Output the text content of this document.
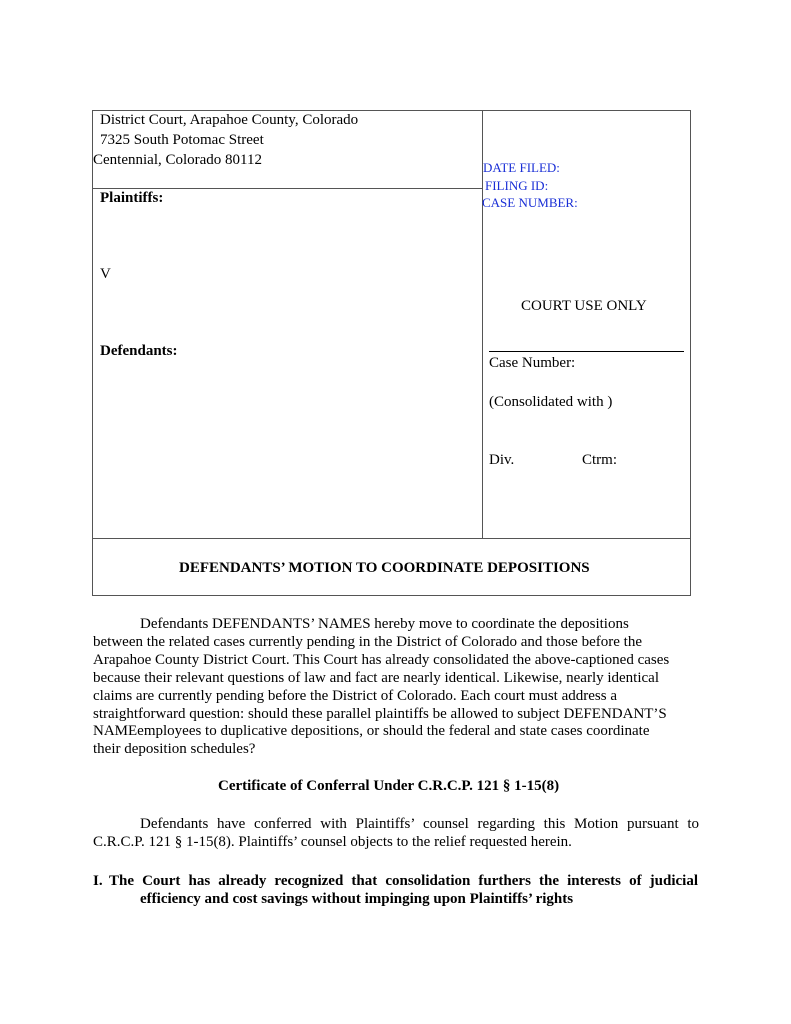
District Court, Arapahoe County, Colorado
7325 South Potomac Street
Centennial, Colorado 80112
Plaintiffs:
V
Defendants:
DATE FILED:
FILING ID:
CASE NUMBER:
COURT USE ONLY
Case Number:
(Consolidated with )
Div.	Ctrm:
DEFENDANTS’ MOTION TO COORDINATE DEPOSITIONS
Defendants DEFENDANTS’ NAMES hereby move to coordinate the depositions
between the related cases currently pending in the District of Colorado and those before the
Arapahoe County District Court. This Court has already consolidated the above-captioned cases
because their relevant questions of law and fact are nearly identical. Likewise, nearly identical
claims are currently pending before the District of Colorado. Each court must address a
straightforward question: should these parallel plaintiffs be allowed to subject DEFENDANT’S
NAMEemployees to duplicative depositions, or should the federal and state cases coordinate
their deposition schedules?
Certificate of Conferral Under C.R.C.P. 121 § 1-15(8)
Defendants have conferred with Plaintiffs’ counsel regarding this Motion pursuant to C.R.C.P. 121 § 1-15(8). Plaintiffs’ counsel objects to the relief requested herein.
I. The Court has already recognized that consolidation furthers the interests of judicial
efficiency and cost savings without impinging upon Plaintiffs’ rights
